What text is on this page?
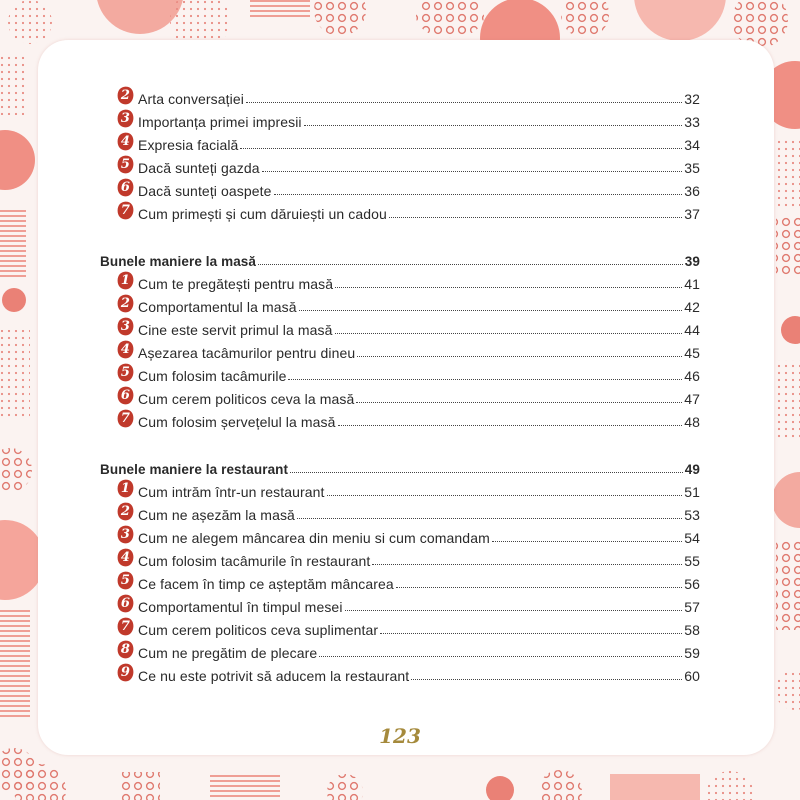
2 Arta conversației	32
3 Importanța primei impresii	33
4 Expresia facială	34
5 Dacă sunteți gazda	35
6 Dacă sunteți oaspete	36
7 Cum primești și cum dăruiești un cadou	37
Bunele maniere la masă	39
1 Cum te pregătești pentru masă	41
2 Comportamentul la masă	42
3 Cine este servit primul la masă	44
4 Așezarea tacâmurilor pentru dineu	45
5 Cum folosim tacâmurile	46
6 Cum cerem politicos ceva la masă	47
7 Cum folosim șervețelul la masă	48
Bunele maniere la restaurant	49
1 Cum intrăm într-un restaurant	51
2 Cum ne așezăm la masă	53
3 Cum ne alegem mâncarea din meniu si cum comandam	54
4 Cum folosim tacâmurile în restaurant	55
5 Ce facem în timp ce așteptăm mâncarea	56
6 Comportamentul în timpul mesei	57
7 Cum cerem politicos ceva suplimentar	58
8 Cum ne pregătim de plecare	59
9 Ce nu este potrivit să aducem la restaurant	60
123
